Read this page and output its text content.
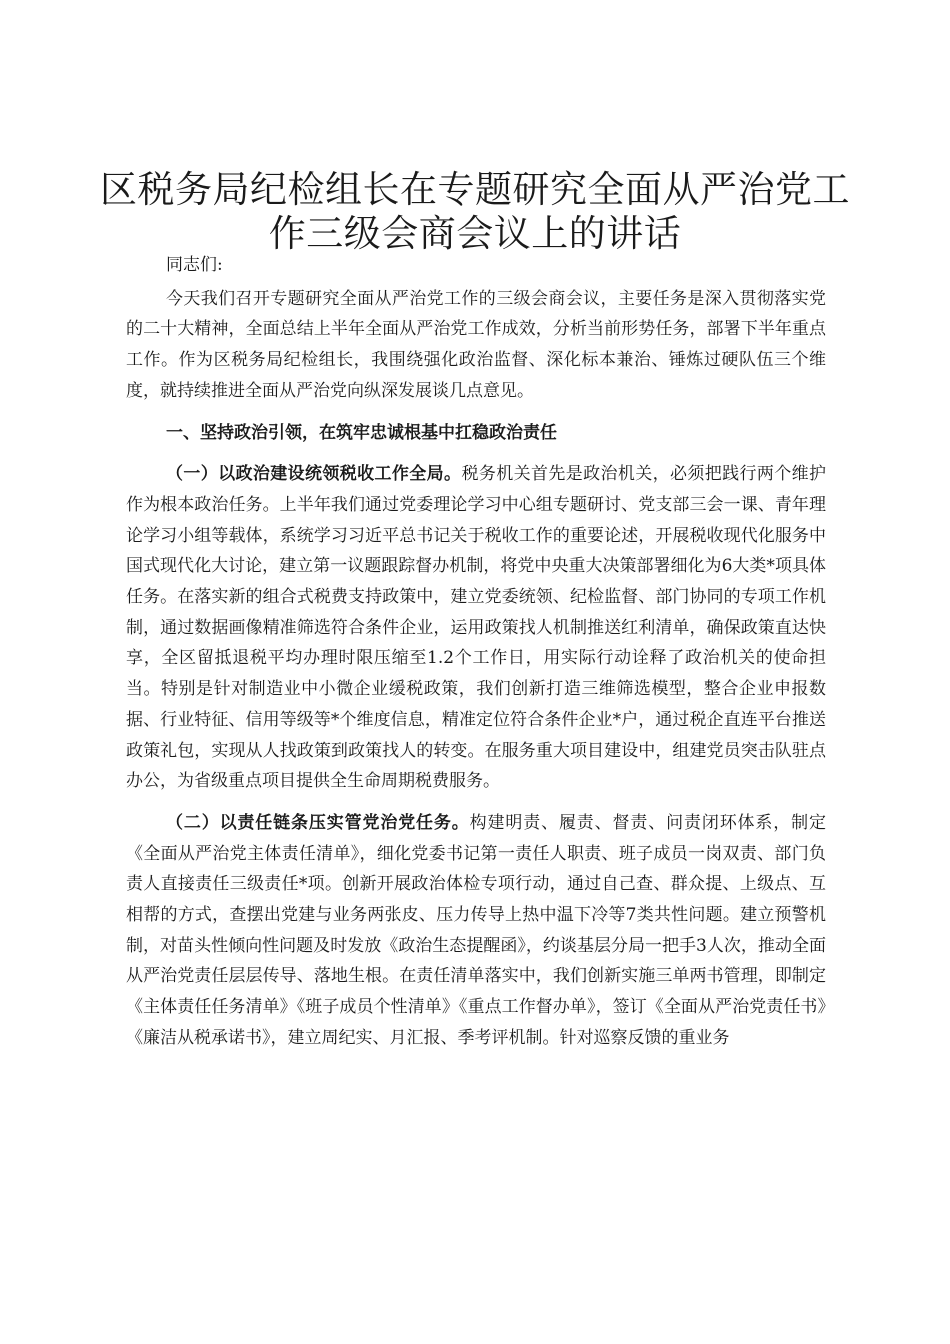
区税务局纪检组长在专题研究全面从严治党工
作三级会商会议上的讲话

同志们:

今天我们召开专题研究全面从严治党工作的三级会商会议，主要任务是深入贯彻落实党的二十大精神，全面总结上半年全面从严治党工作成效，分析当前形势任务，部署下半年重点工作。作为区税务局纪检组长，我围绕强化政治监督、深化标本兼治、锤炼过硬队伍三个维度，就持续推进全面从严治党向纵深发展谈几点意见。

一、坚持政治引领，在筑牢忠诚根基中扛稳政治责任

（一）以政治建设统领税收工作全局。税务机关首先是政治机关，必须把践行两个维护作为根本政治任务。上半年我们通过党委理论学习中心组专题研讨、党支部三会一课、青年理论学习小组等载体，系统学习习近平总书记关于税收工作的重要论述，开展税收现代化服务中国式现代化大讨论，建立第一议题跟踪督办机制，将党中央重大决策部署细化为6大类*项具体任务。在落实新的组合式税费支持政策中，建立党委统领、纪检监督、部门协同的专项工作机制，通过数据画像精准筛选符合条件企业，运用政策找人机制推送红利清单，确保政策直达快享，全区留抵退税平均办理时限压缩至1.2个工作日，用实际行动诠释了政治机关的使命担当。特别是针对制造业中小微企业缓税政策，我们创新打造三维筛选模型，整合企业申报数据、行业特征、信用等级等*个维度信息，精准定位符合条件企业*户，通过税企直连平台推送政策礼包，实现从人找政策到政策找人的转变。在服务重大项目建设中，组建党员突击队驻点办公，为省级重点项目提供全生命周期税费服务。

（二）以责任链条压实管党治党任务。构建明责、履责、督责、问责闭环体系，制定《全面从严治党主体责任清单》，细化党委书记第一责任人职责、班子成员一岗双责、部门负责人直接责任三级责任*项。创新开展政治体检专项行动，通过自己查、群众提、上级点、互相帮的方式，查摆出党建与业务两张皮、压力传导上热中温下冷等7类共性问题。建立预警机制，对苗头性倾向性问题及时发放《政治生态提醒函》，约谈基层分局一把手3人次，推动全面从严治党责任层层传导、落地生根。在责任清单落实中，我们创新实施三单两书管理，即制定《主体责任任务清单》《班子成员个性清单》《重点工作督办单》，签订《全面从严治党责任书》《廉洁从税承诺书》，建立周纪实、月汇报、季考评机制。针对巡察反馈的重业务
